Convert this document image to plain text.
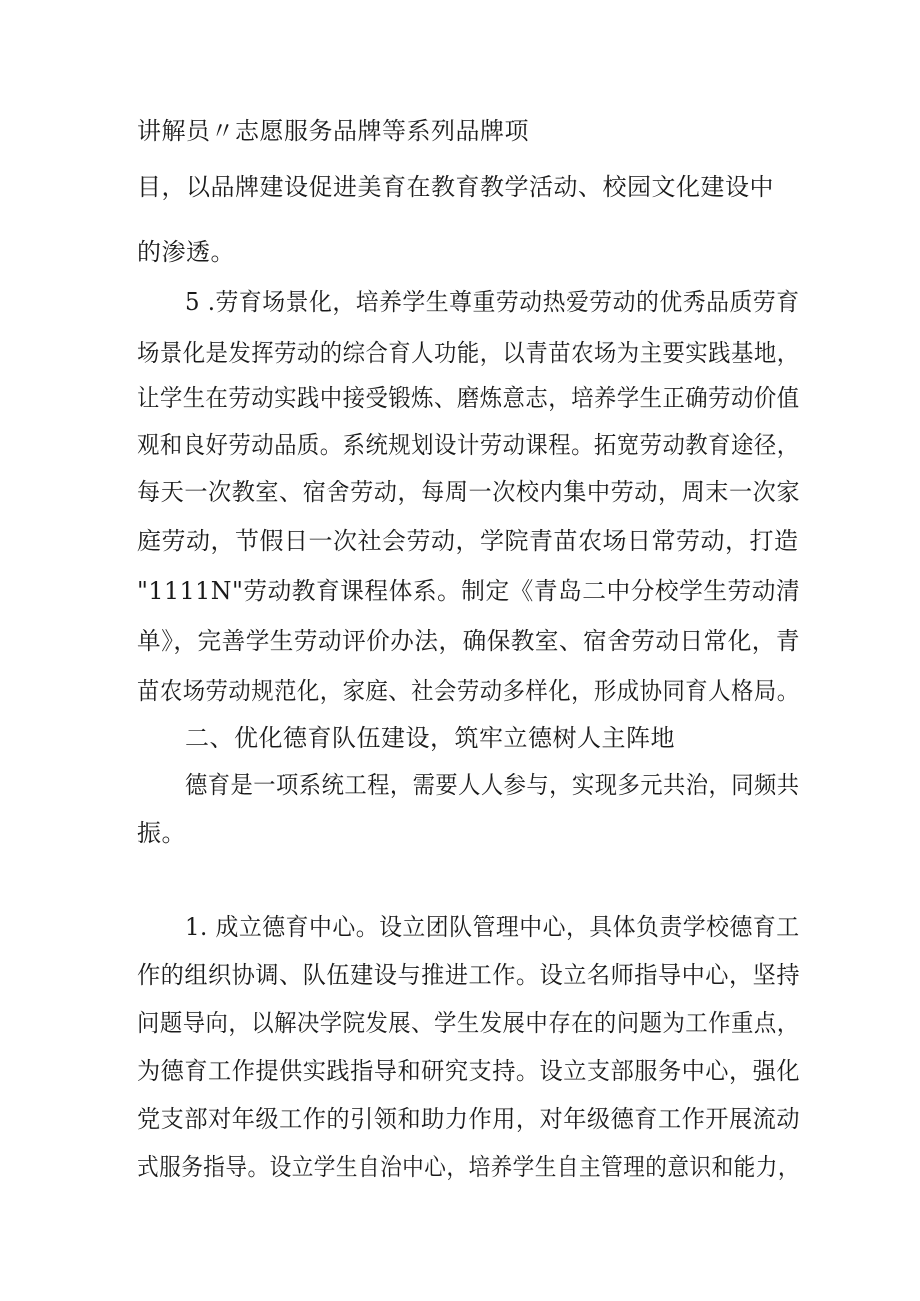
讲解员〃志愿服务品牌等系列品牌项
目，以品牌建设促进美育在教育教学活动、校园文化建设中
的渗透。
5 .劳育场景化，培养学生尊重劳动热爱劳动的优秀品质劳育
场景化是发挥劳动的综合育人功能，以青苗农场为主要实践基地，
让学生在劳动实践中接受锻炼、磨炼意志，培养学生正确劳动价值
观和良好劳动品质。系统规划设计劳动课程。拓宽劳动教育途径，
每天一次教室、宿舍劳动，每周一次校内集中劳动，周末一次家
庭劳动，节假日一次社会劳动，学院青苗农场日常劳动，打造
"1111N"劳动教育课程体系。制定《青岛二中分校学生劳动清
单》，完善学生劳动评价办法，确保教室、宿舍劳动日常化，青
苗农场劳动规范化，家庭、社会劳动多样化，形成协同育人格局。
二、优化德育队伍建设，筑牢立德树人主阵地
德育是一项系统工程，需要人人参与，实现多元共治，同频共
振。
1. 成立德育中心。设立团队管理中心，具体负责学校德育工
作的组织协调、队伍建设与推进工作。设立名师指导中心，坚持
问题导向，以解决学院发展、学生发展中存在的问题为工作重点，
为德育工作提供实践指导和研究支持。设立支部服务中心，强化
党支部对年级工作的引领和助力作用，对年级德育工作开展流动
式服务指导。设立学生自治中心，培养学生自主管理的意识和能力，
